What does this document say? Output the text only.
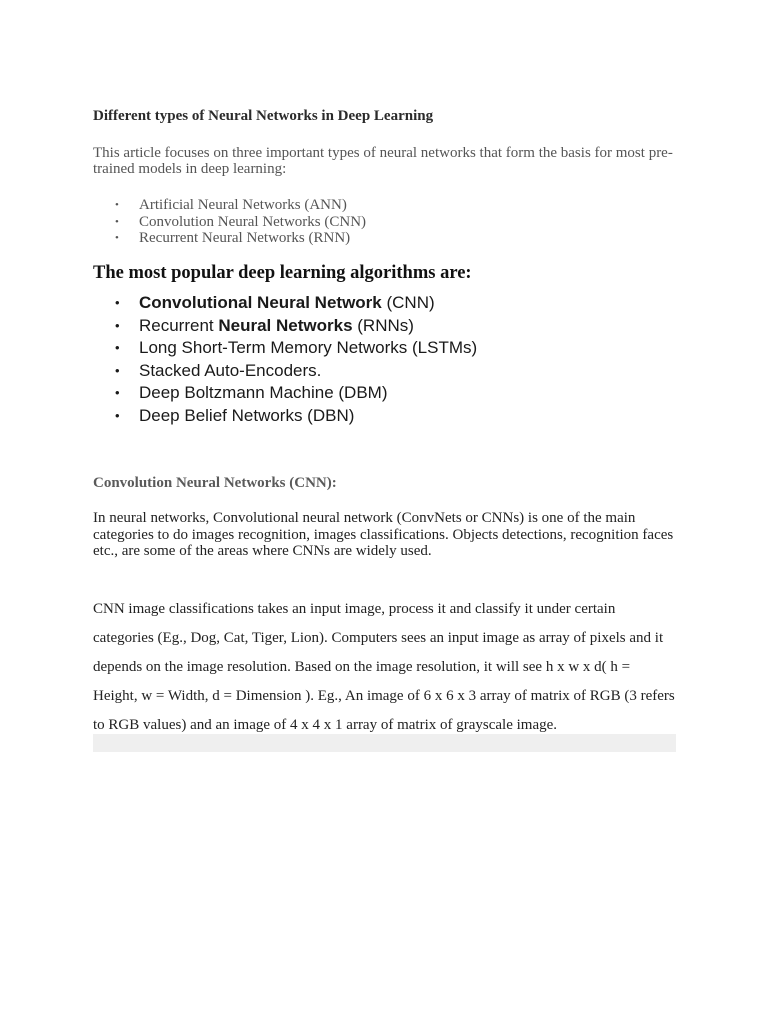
Different types of Neural Networks in Deep Learning

This article focuses on three important types of neural networks that form the basis for most pre-trained models in deep learning:

• Artificial Neural Networks (ANN)
• Convolution Neural Networks (CNN)
• Recurrent Neural Networks (RNN)
The most popular deep learning algorithms are:
• Convolutional Neural Network (CNN)
• Recurrent Neural Networks (RNNs)
• Long Short-Term Memory Networks (LSTMs)
• Stacked Auto-Encoders.
• Deep Boltzmann Machine (DBM)
• Deep Belief Networks (DBN)
Convolution Neural Networks (CNN):

In neural networks, Convolutional neural network (ConvNets or CNNs) is one of the main categories to do images recognition, images classifications. Objects detections, recognition faces etc., are some of the areas where CNNs are widely used.

CNN image classifications takes an input image, process it and classify it under certain categories (Eg., Dog, Cat, Tiger, Lion). Computers sees an input image as array of pixels and it depends on the image resolution. Based on the image resolution, it will see h x w x d( h = Height, w = Width, d = Dimension ). Eg., An image of 6 x 6 x 3 array of matrix of RGB (3 refers to RGB values) and an image of 4 x 4 x 1 array of matrix of grayscale image.
